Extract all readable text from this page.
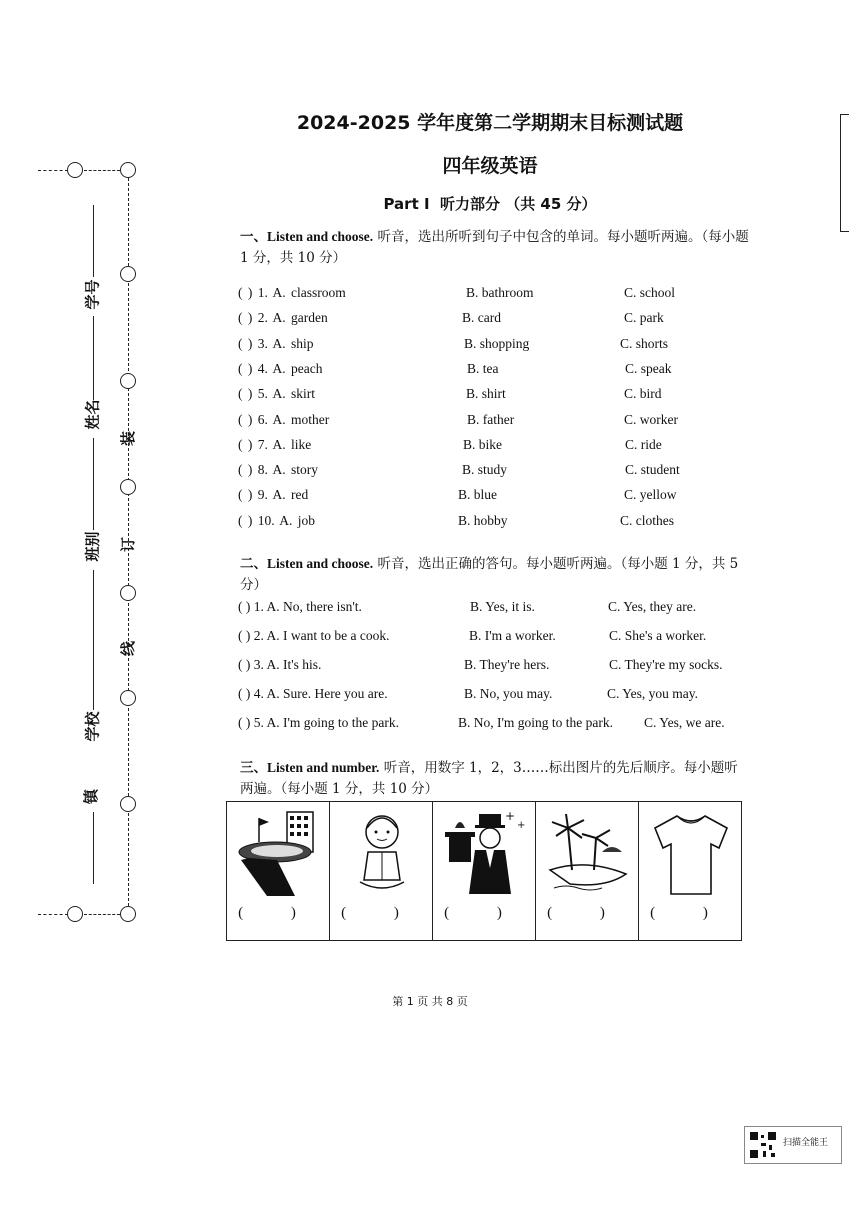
学号
姓名
班别
学校
镇
装
订
线
2024-2025 学年度第二学期期末目标测试题
四年级英语
Part Ⅰ  听力部分 （共 45 分）
一、Listen and choose. 听音，选出所听到句子中包含的单词。每小题听两遍。（每小题 1 分，共 10 分）
( ) 1. A. classroom	B. bathroom	C. school
( ) 2. A. garden	B. card	C. park
( ) 3. A. ship	B. shopping	C. shorts
( ) 4. A. peach	B. tea	C. speak
( ) 5. A. skirt	B. shirt	C. bird
( ) 6. A. mother	B. father	C. worker
( ) 7. A. like	B. bike	C. ride
( ) 8. A. story	B. study	C. student
( ) 9. A. red	B. blue	C. yellow
( ) 10. A. job	B. hobby	C. clothes
二、Listen and choose. 听音，选出正确的答句。每小题听两遍。（每小题 1 分，共 5 分）
( ) 1. A. No, there isn't.	B. Yes, it is.	C. Yes, they are.
( ) 2. A. I want to be a cook.	B. I'm a worker.	C. She's a worker.
( ) 3. A. It's his.	B. They're hers.	C. They're my socks.
( ) 4. A. Sure. Here you are.	B. No, you may.	C. Yes, you may.
( ) 5. A. I'm going to the park.	B. No, I'm going to the park. C. Yes, we are.
三、Listen and number. 听音，用数字 1，2，3……标出图片的先后顺序。每小题听两遍。（每小题 1 分，共 10 分）
( )	( )
+
+
( )	( )	( )
第 1 页 共 8 页
扫描全能王
